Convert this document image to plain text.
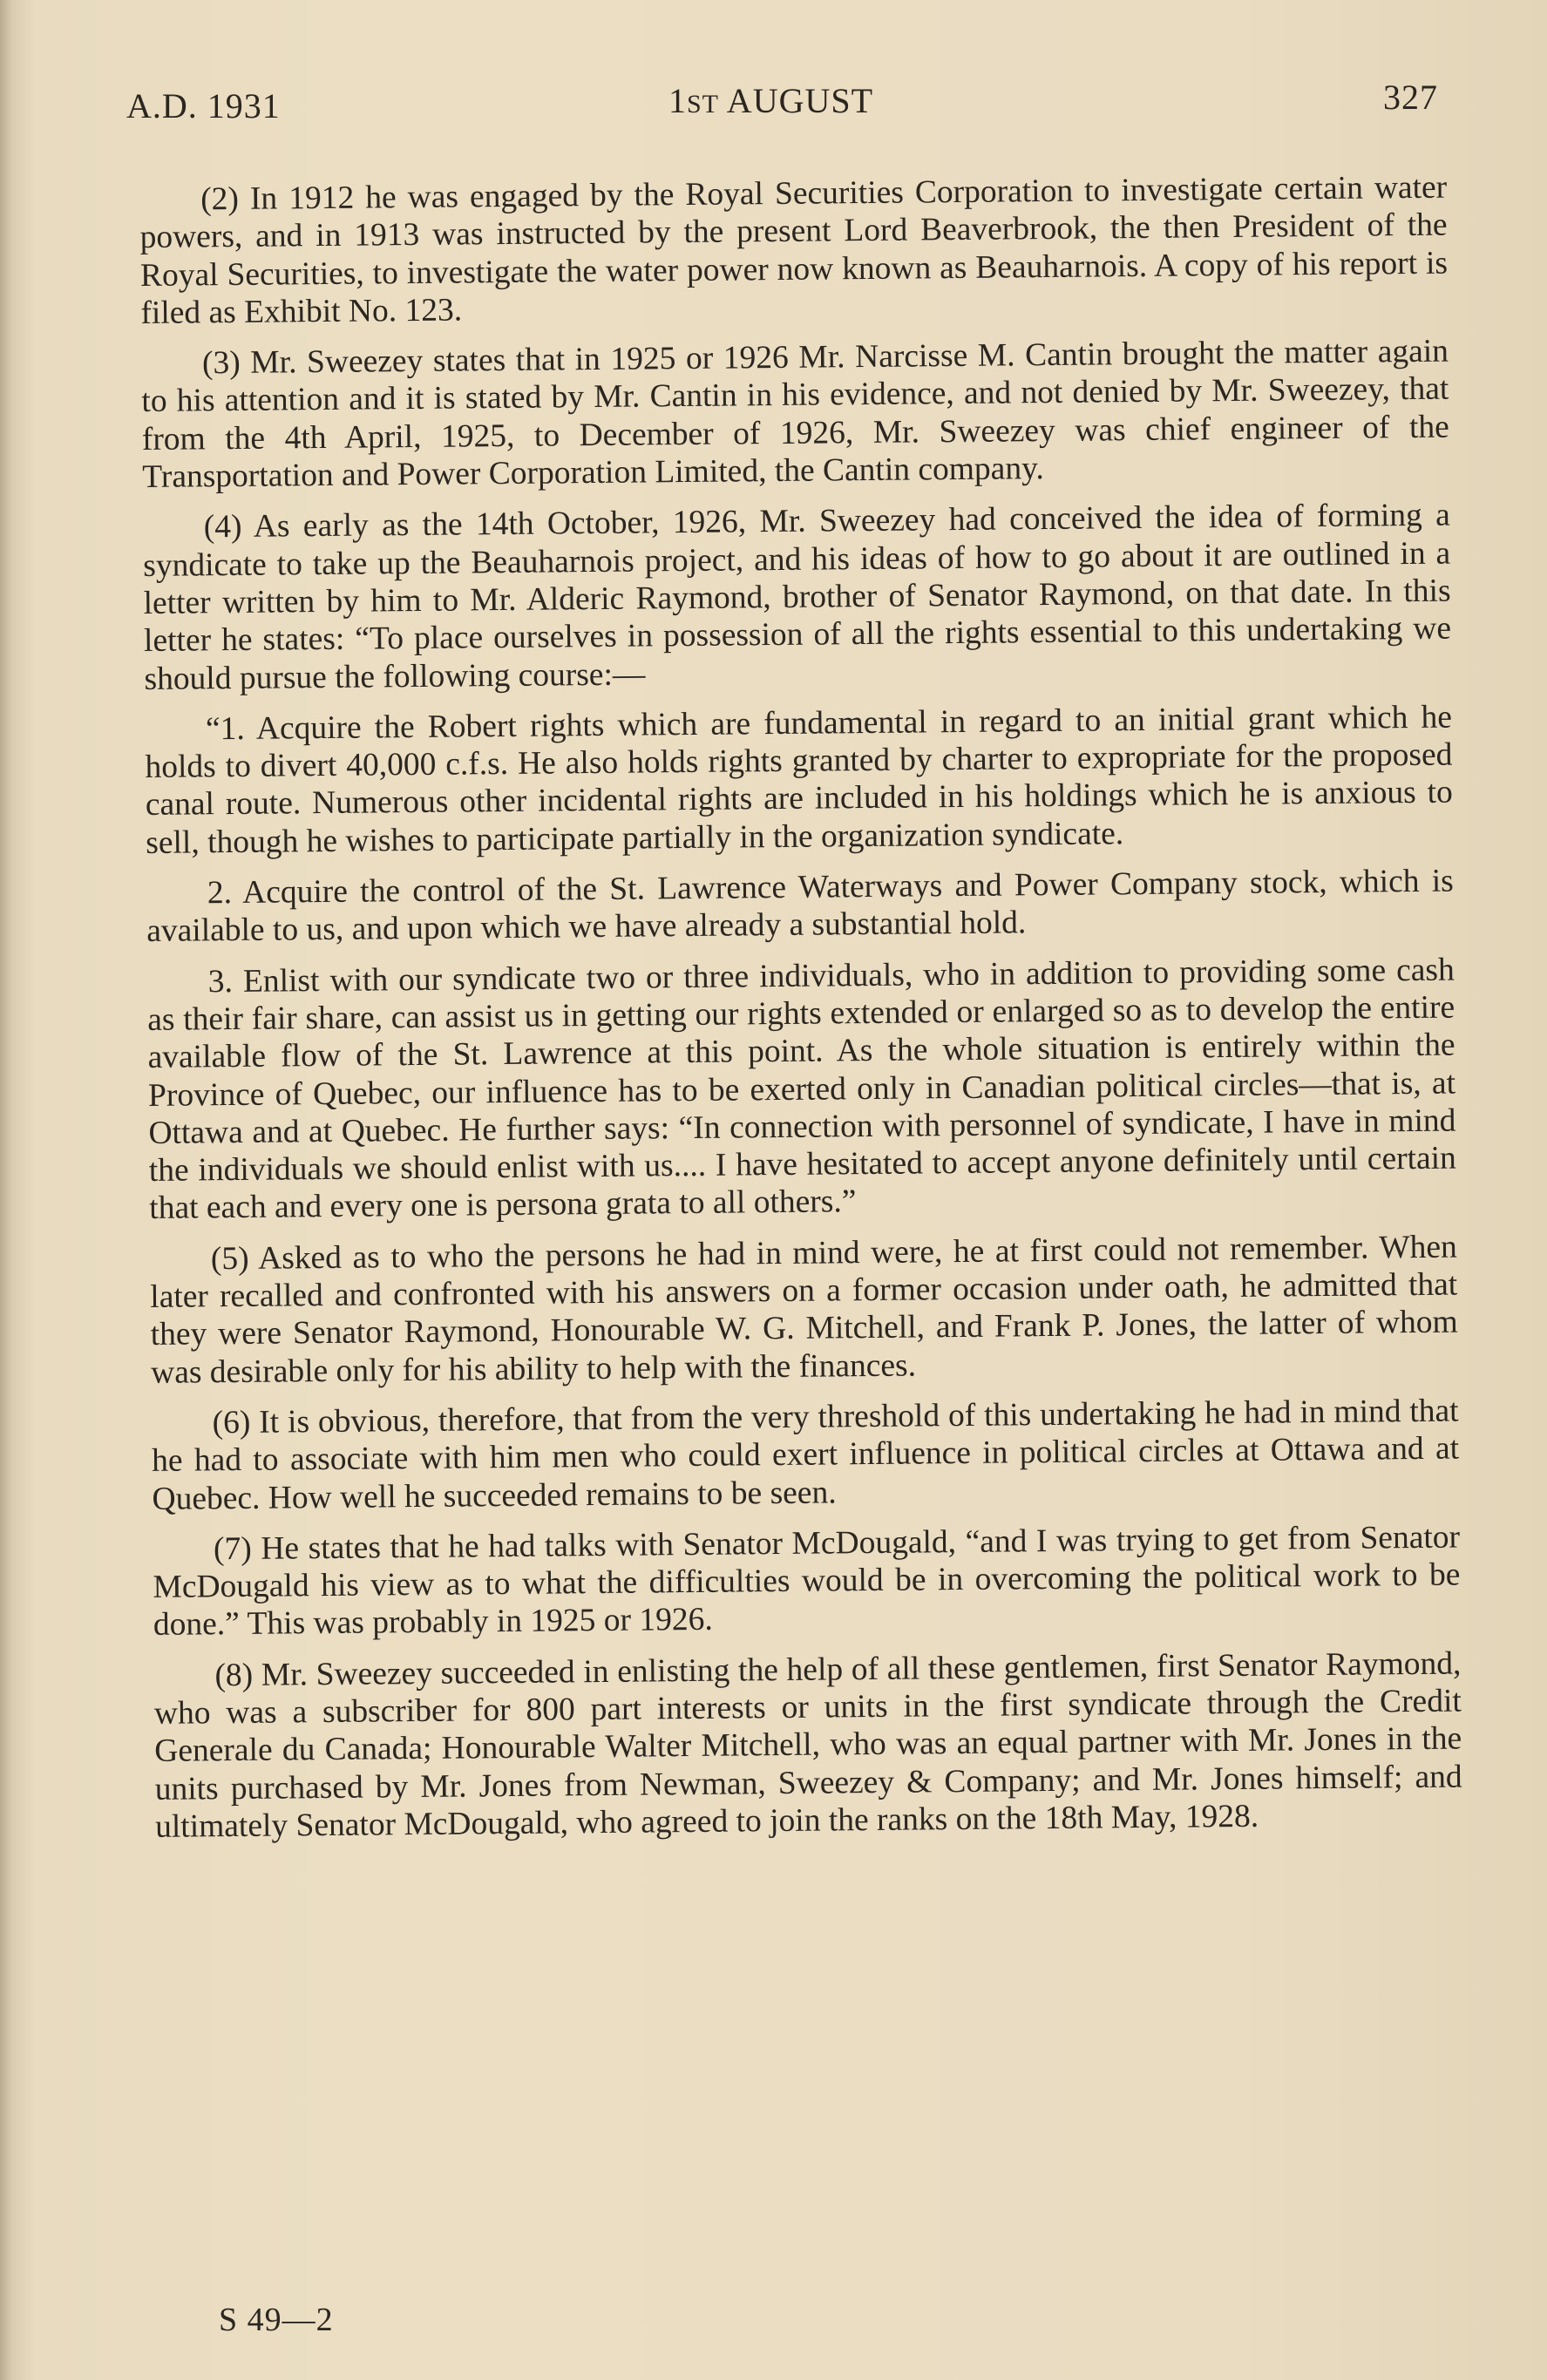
A.D. 1931	1ST AUGUST	327

(2) In 1912 he was engaged by the Royal Securities Corporation to investigate certain water powers, and in 1913 was instructed by the present Lord Beaverbrook, the then President of the Royal Securities, to investigate the water power now known as Beauharnois. A copy of his report is filed as Exhibit No. 123.

(3) Mr. Sweezey states that in 1925 or 1926 Mr. Narcisse M. Cantin brought the matter again to his attention and it is stated by Mr. Cantin in his evidence, and not denied by Mr. Sweezey, that from the 4th April, 1925, to December of 1926, Mr. Sweezey was chief engineer of the Transportation and Power Corporation Limited, the Cantin company.

(4) As early as the 14th October, 1926, Mr. Sweezey had conceived the idea of forming a syndicate to take up the Beauharnois project, and his ideas of how to go about it are outlined in a letter written by him to Mr. Alderic Raymond, brother of Senator Raymond, on that date. In this letter he states: “To place ourselves in possession of all the rights essential to this undertaking we should pursue the following course:—

“1. Acquire the Robert rights which are fundamental in regard to an initial grant which he holds to divert 40,000 c.f.s. He also holds rights granted by charter to expropriate for the proposed canal route. Numerous other incidental rights are included in his holdings which he is anxious to sell, though he wishes to participate partially in the organization syndicate.

2. Acquire the control of the St. Lawrence Waterways and Power Company stock, which is available to us, and upon which we have already a substantial hold.

3. Enlist with our syndicate two or three individuals, who in addition to providing some cash as their fair share, can assist us in getting our rights extended or enlarged so as to develop the entire available flow of the St. Lawrence at this point. As the whole situation is entirely within the Province of Quebec, our influence has to be exerted only in Canadian political circles—that is, at Ottawa and at Quebec. He further says: “In connection with personnel of syndicate, I have in mind the individuals we should enlist with us.... I have hesitated to accept anyone definitely until certain that each and every one is persona grata to all others.”

(5) Asked as to who the persons he had in mind were, he at first could not remember. When later recalled and confronted with his answers on a former occasion under oath, he admitted that they were Senator Raymond, Honourable W. G. Mitchell, and Frank P. Jones, the latter of whom was desirable only for his ability to help with the finances.

(6) It is obvious, therefore, that from the very threshold of this undertaking he had in mind that he had to associate with him men who could exert influence in political circles at Ottawa and at Quebec. How well he succeeded remains to be seen.

(7) He states that he had talks with Senator McDougald, “and I was trying to get from Senator McDougald his view as to what the difficulties would be in overcoming the political work to be done.” This was probably in 1925 or 1926.

(8) Mr. Sweezey succeeded in enlisting the help of all these gentlemen, first Senator Raymond, who was a subscriber for 800 part interests or units in the first syndicate through the Credit Generale du Canada; Honourable Walter Mitchell, who was an equal partner with Mr. Jones in the units purchased by Mr. Jones from Newman, Sweezey & Company; and Mr. Jones himself; and ultimately Senator McDougald, who agreed to join the ranks on the 18th May, 1928.

S 49—2
